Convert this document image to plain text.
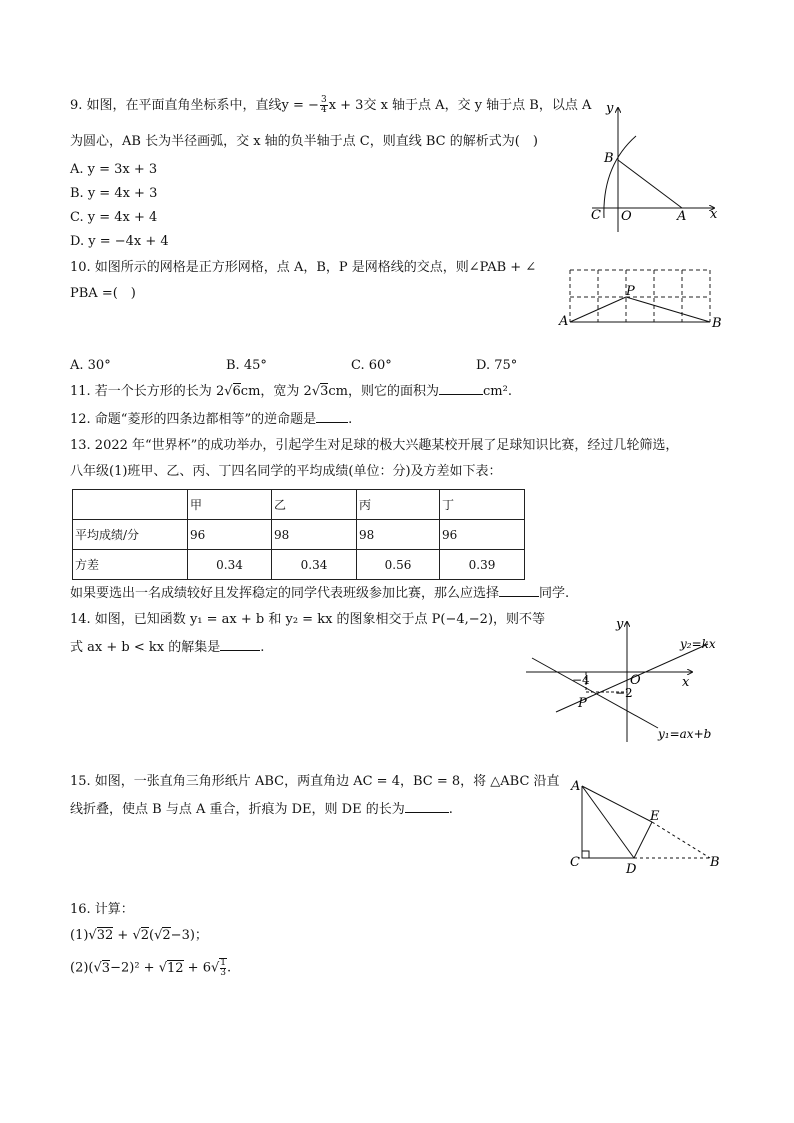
9. 如图，在平面直角坐标系中，直线y = − $\frac{3}{4}$ x + 3交 x 轴于点 A，交 y 轴于点 B，以点 A
为圆心，AB 长为半径画弧，交 x 轴的负半轴于点 C，则直线 BC 的解析式为(　)
A. y = 3x + 3
B. y = 4x + 3
C. y = 4x + 4
D. y = −4x + 4
y
x
B
C O	A
10. 如图所示的网格是正方形网格，点 A，B，P 是网格线的交点，则∠PAB + ∠
PBA =(　)
A	B
P
A. 30°	B. 45°	C. 60°	D. 75°
11. 若一个长方形的长为 2√6cm，宽为 2√3cm，则它的面积为	cm².
12. 命题“菱形的四条边都相等”的逆命题是 .
13. 2022 年“世界杯”的成功举办，引起学生对足球的极大兴趣某校开展了足球知识比赛，经过几轮筛选，
八年级(1)班甲、乙、丙、丁四名同学的平均成绩(单位：分)及方差如下表：
	甲	乙	丙	丁
平均成绩/分	96	98	98	96
方差	0.34	0.34	0.56	0.39
如果要选出一名成绩较好且发挥稳定的同学代表班级参加比赛，那么应选择	同学.
14. 如图，已知函数 y₁ = ax + b 和 y₂ = kx 的图象相交于点 P(−4,−2)，则不等
式 ax + b < kx 的解集是	.
y
x
O
P
−4
−2
y₂=kx
y₁=ax+b
15. 如图，一张直角三角形纸片 ABC，两直角边 AC = 4，BC = 8，将 △ABC 沿直
线折叠，使点 B 与点 A 重合，折痕为 DE，则 DE 的长为	.
A
C	D
E
B
16. 计算：
(1)√32 + √2(√2−3)；
$(2)(√3-2)^2 + √12 + 6√ \frac{1}{3}$ .
